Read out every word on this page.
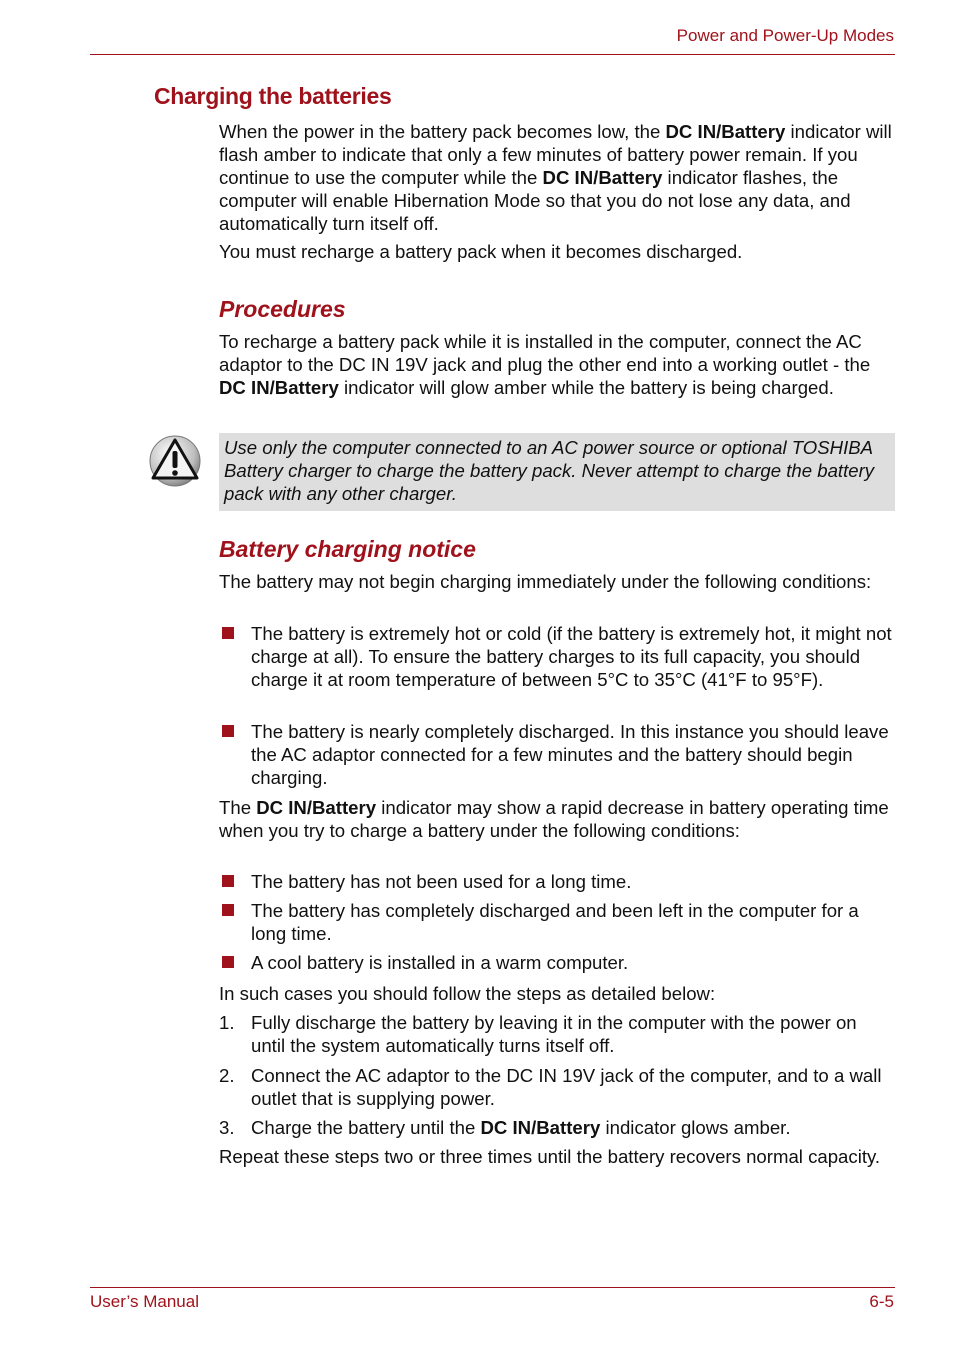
Power and Power-Up Modes
Charging the batteries

When the power in the battery pack becomes low, the DC IN/Battery indicator will flash amber to indicate that only a few minutes of battery power remain. If you continue to use the computer while the DC IN/Battery indicator flashes, the computer will enable Hibernation Mode so that you do not lose any data, and automatically turn itself off.

You must recharge a battery pack when it becomes discharged.

Procedures

To recharge a battery pack while it is installed in the computer, connect the AC adaptor to the DC IN 19V jack and plug the other end into a working outlet - the DC IN/Battery indicator will glow amber while the battery is being charged.

Use only the computer connected to an AC power source or optional TOSHIBA Battery charger to charge the battery pack. Never attempt to charge the battery pack with any other charger.
Battery charging notice

The battery may not begin charging immediately under the following conditions:

The battery is extremely hot or cold (if the battery is extremely hot, it might not charge at all). To ensure the battery charges to its full capacity, you should charge it at room temperature of between 5°C to 35°C (41°F to 95°F).
The battery is nearly completely discharged. In this instance you should leave the AC adaptor connected for a few minutes and the battery should begin charging.

The DC IN/Battery indicator may show a rapid decrease in battery operating time when you try to charge a battery under the following conditions:

The battery has not been used for a long time.
The battery has completely discharged and been left in the computer for a long time.
A cool battery is installed in a warm computer.

In such cases you should follow the steps as detailed below:

1. Fully discharge the battery by leaving it in the computer with the power on until the system automatically turns itself off.
2. Connect the AC adaptor to the DC IN 19V jack of the computer, and to a wall outlet that is supplying power.
3. Charge the battery until the DC IN/Battery indicator glows amber.

Repeat these steps two or three times until the battery recovers normal capacity.

User’s Manual	6-5
